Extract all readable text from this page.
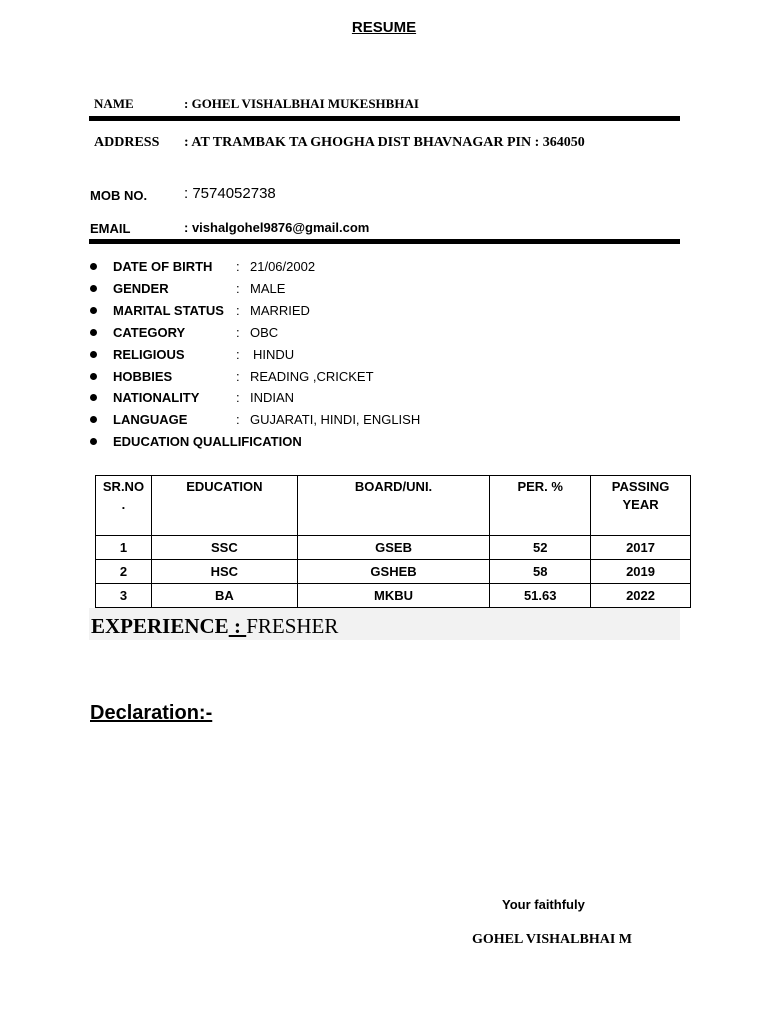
RESUME
NAME	: GOHEL VISHALBHAI MUKESHBHAI
ADDRESS : AT TRAMBAK TA GHOGHA DIST BHAVNAGAR PIN : 364050
MOB NO. : 7574052738
EMAIL	: vishalgohel9876@gmail.com
DATE OF BIRTH : 21/06/2002
GENDER	: MALE
MARITAL STATUS : MARRIED
CATEGORY	: OBC
RELIGIOUS	: HINDU
HOBBIES	: READING ,CRICKET
NATIONALITY	: INDIAN
LANGUAGE	: GUJARATI, HINDI, ENGLISH
EDUCATION QUALLIFICATION
SR.NO .	EDUCATION	BOARD/UNI.	PER. %	PASSING YEAR
1	SSC	GSEB	52	2017
2	HSC	GSHEB	58	2019
3	BA	MKBU	51.63	2022
EXPERIENCE : FRESHER
Declaration:-
Your faithfuly
GOHEL VISHALBHAI M
